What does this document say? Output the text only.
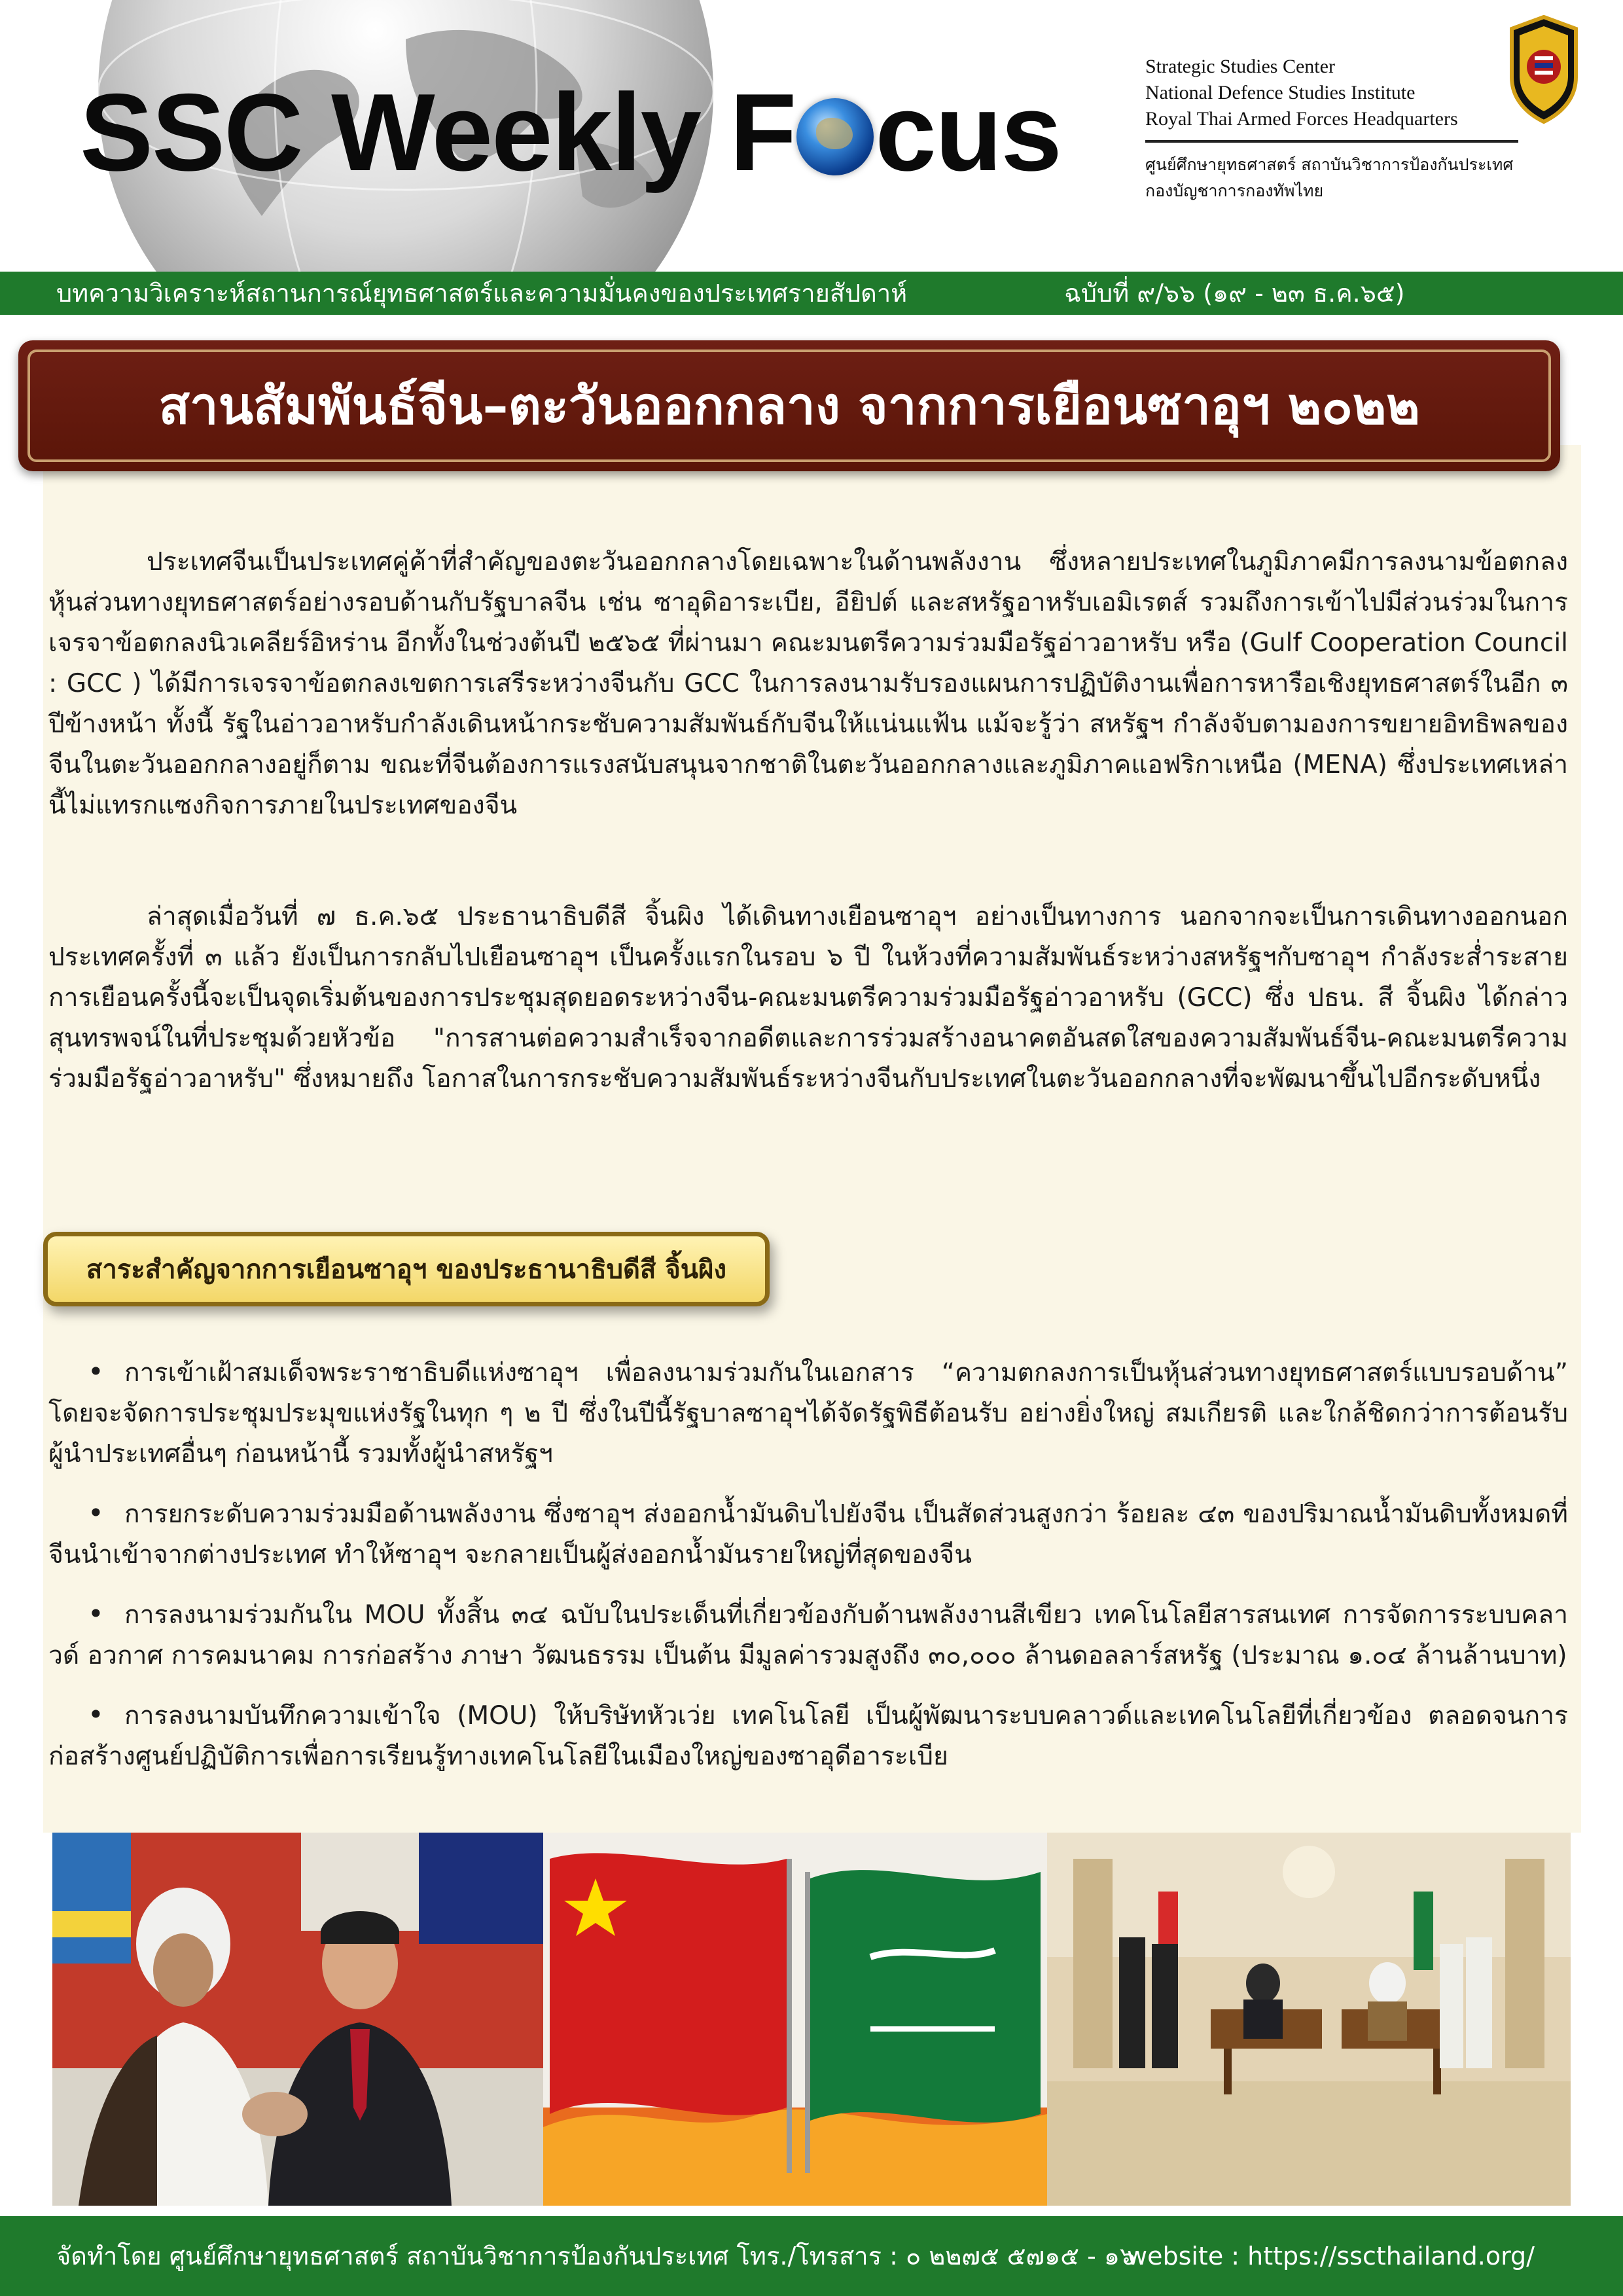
SSC Weekly F cus
Strategic Studies Center
National Defence Studies Institute
Royal Thai Armed Forces Headquarters
ศูนย์ศึกษายุทธศาสตร์ สถาบันวิชาการป้องกันประเทศ
กองบัญชาการกองทัพไทย
บทความวิเคราะห์สถานการณ์ยุทธศาสตร์และความมั่นคงของประเทศรายสัปดาห์	ฉบับที่ ๙/๖๖ (๑๙ - ๒๓ ธ.ค.๖๕)
สานสัมพันธ์จีน–ตะวันออกกลาง จากการเยือนซาอุฯ ๒๐๒๒

ประเทศจีนเป็นประเทศคู่ค้าที่สำคัญของตะวันออกกลางโดยเฉพาะในด้านพลังงาน ซึ่งหลายประเทศในภูมิภาคมีการลงนามข้อตกลงหุ้นส่วนทางยุทธศาสตร์อย่างรอบด้านกับรัฐบาลจีน เช่น ซาอุดิอาระเบีย, อียิปต์ และสหรัฐอาหรับเอมิเรตส์ รวมถึงการเข้าไปมีส่วนร่วมในการเจรจาข้อตกลงนิวเคลียร์อิหร่าน อีกทั้งในช่วงต้นปี ๒๕๖๕ ที่ผ่านมา คณะมนตรีความร่วมมือรัฐอ่าวอาหรับ หรือ (Gulf Cooperation Council : GCC ) ได้มีการเจรจาข้อตกลงเขตการเสรีระหว่างจีนกับ GCC ในการลงนามรับรองแผนการปฏิบัติงานเพื่อการหารือเชิงยุทธศาสตร์ในอีก ๓ ปีข้างหน้า ทั้งนี้ รัฐในอ่าวอาหรับกำลังเดินหน้ากระชับความสัมพันธ์กับจีนให้แน่นแฟ้น แม้จะรู้ว่า สหรัฐฯ กำลังจับตามองการขยายอิทธิพลของจีนในตะวันออกกลางอยู่ก็ตาม ขณะที่จีนต้องการแรงสนับสนุนจากชาติในตะวันออกกลางและภูมิภาคแอฟริกาเหนือ (MENA) ซึ่งประเทศเหล่านี้ไม่แทรกแซงกิจการภายในประเทศของจีน

ล่าสุดเมื่อวันที่ ๗ ธ.ค.๖๕ ประธานาธิบดีสี จิ้นผิง ได้เดินทางเยือนซาอุฯ อย่างเป็นทางการ นอกจากจะเป็นการเดินทางออกนอกประเทศครั้งที่ ๓ แล้ว ยังเป็นการกลับไปเยือนซาอุฯ เป็นครั้งแรกในรอบ ๖ ปี ในห้วงที่ความสัมพันธ์ระหว่างสหรัฐฯกับซาอุฯ กำลังระส่ำระสาย การเยือนครั้งนี้จะเป็นจุดเริ่มต้นของการประชุมสุดยอดระหว่างจีน-คณะมนตรีความร่วมมือรัฐอ่าวอาหรับ (GCC) ซึ่ง ปธน. สี จิ้นผิง ได้กล่าวสุนทรพจน์ในที่ประชุมด้วยหัวข้อ "การสานต่อความสำเร็จจากอดีตและการร่วมสร้างอนาคตอันสดใสของความสัมพันธ์จีน-คณะมนตรีความร่วมมือรัฐอ่าวอาหรับ" ซึ่งหมายถึง โอกาสในการกระชับความสัมพันธ์ระหว่างจีนกับประเทศในตะวันออกกลางที่จะพัฒนาขึ้นไปอีกระดับหนึ่ง

สาระสำคัญจากการเยือนซาอุฯ ของประธานาธิบดีสี จิ้นผิง

• การเข้าเฝ้าสมเด็จพระราชาธิบดีแห่งซาอุฯ เพื่อลงนามร่วมกันในเอกสาร “ความตกลงการเป็นหุ้นส่วนทางยุทธศาสตร์แบบรอบด้าน” โดยจะจัดการประชุมประมุขแห่งรัฐในทุก ๆ ๒ ปี ซึ่งในปีนี้รัฐบาลซาอุฯได้จัดรัฐพิธีต้อนรับ อย่างยิ่งใหญ่ สมเกียรติ และใกล้ชิดกว่าการต้อนรับผู้นำประเทศอื่นๆ ก่อนหน้านี้ รวมทั้งผู้นำสหรัฐฯ

• การยกระดับความร่วมมือด้านพลังงาน ซึ่งซาอุฯ ส่งออกน้ำมันดิบไปยังจีน เป็นสัดส่วนสูงกว่า ร้อยละ ๔๓ ของปริมาณน้ำมันดิบทั้งหมดที่จีนนำเข้าจากต่างประเทศ ทำให้ซาอุฯ จะกลายเป็นผู้ส่งออกน้ำมันรายใหญ่ที่สุดของจีน

• การลงนามร่วมกันใน MOU ทั้งสิ้น ๓๔ ฉบับในประเด็นที่เกี่ยวข้องกับด้านพลังงานสีเขียว เทคโนโลยีสารสนเทศ การจัดการระบบคลาวด์ อวกาศ การคมนาคม การก่อสร้าง ภาษา วัฒนธรรม เป็นต้น มีมูลค่ารวมสูงถึง ๓๐,๐๐๐ ล้านดอลลาร์สหรัฐ (ประมาณ ๑.๐๔ ล้านล้านบาท)

• การลงนามบันทึกความเข้าใจ (MOU) ให้บริษัทหัวเว่ย เทคโนโลยี เป็นผู้พัฒนาระบบคลาวด์และเทคโนโลยีที่เกี่ยวข้อง ตลอดจนการก่อสร้างศูนย์ปฏิบัติการเพื่อการเรียนรู้ทางเทคโนโลยีในเมืองใหญ่ของซาอุดีอาระเบีย

จัดทำโดย ศูนย์ศึกษายุทธศาสตร์ สถาบันวิชาการป้องกันประเทศ โทร./โทรสาร : ๐ ๒๒๗๕ ๕๗๑๕ - ๑๖
website : https://sscthailand.org/
